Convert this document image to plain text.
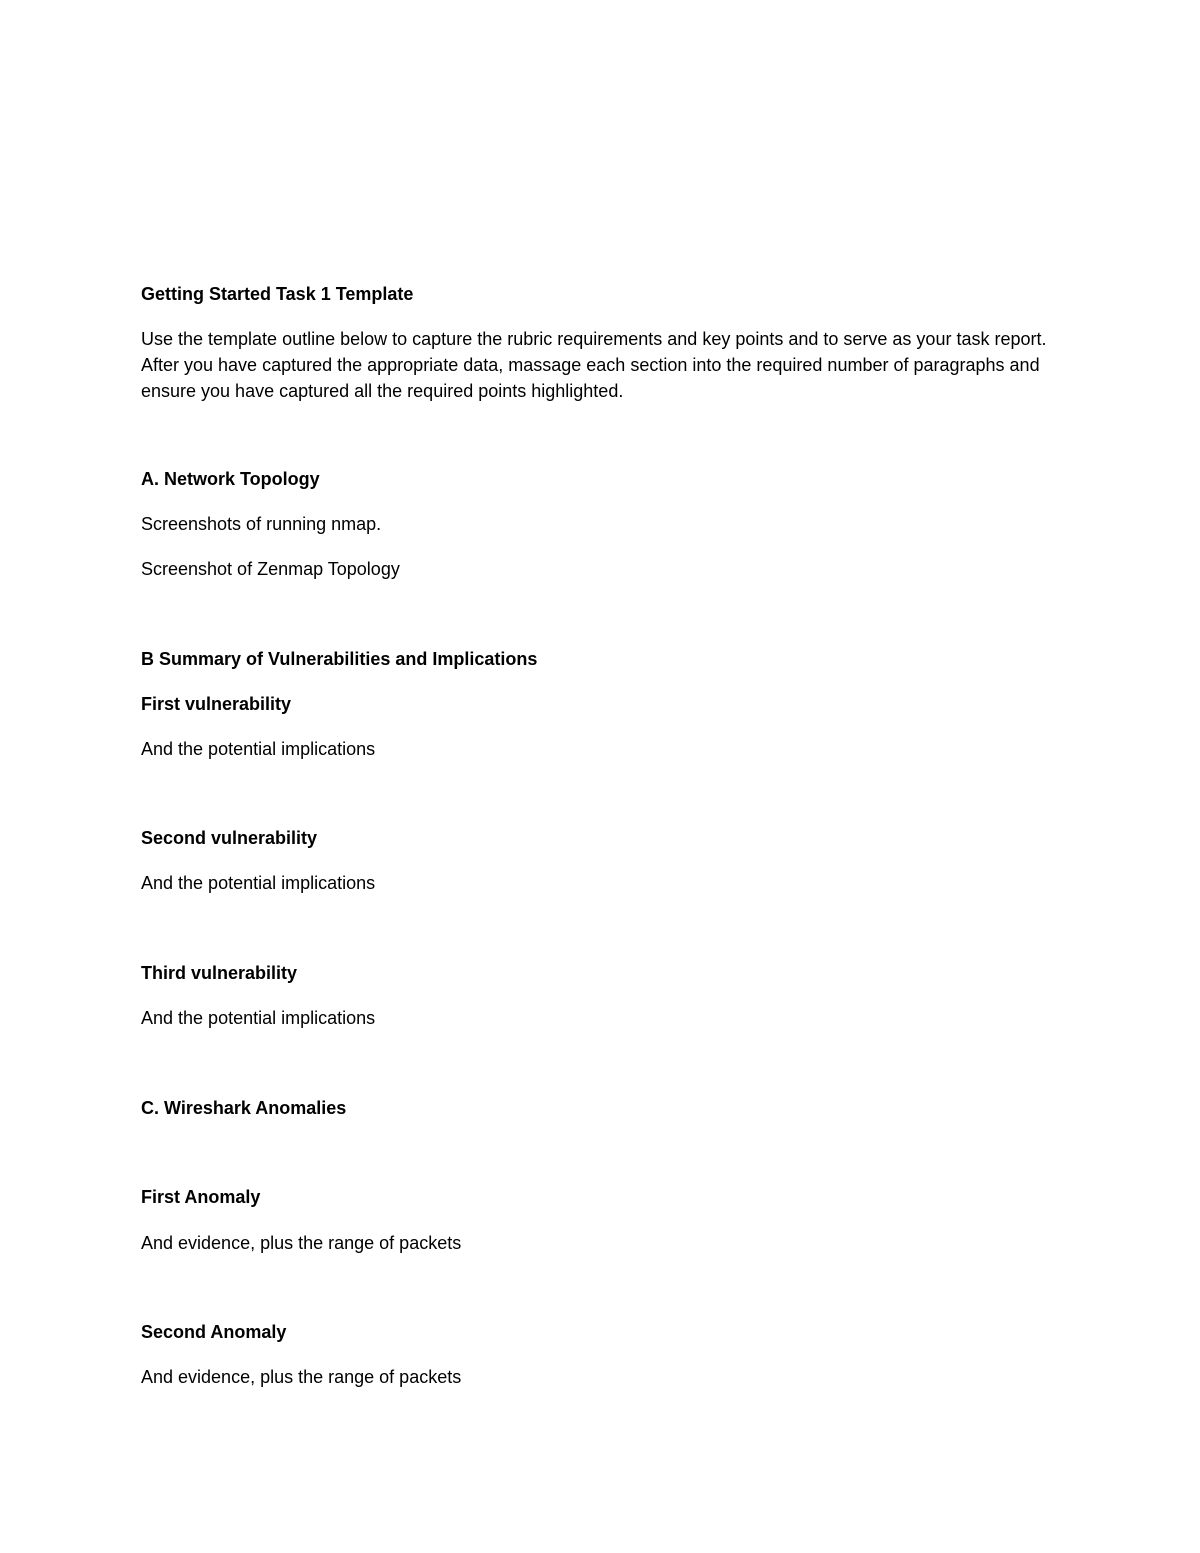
Getting Started Task 1 Template

Use the template outline below to capture the rubric requirements and key points and to serve as your task report. After you have captured the appropriate data, massage each section into the required number of paragraphs and ensure you have captured all the required points highlighted.

A. Network Topology

Screenshots of running nmap.

Screenshot of Zenmap Topology

B Summary of Vulnerabilities and Implications

First vulnerability

And the potential implications

Second vulnerability

And the potential implications

Third vulnerability

And the potential implications

C. Wireshark Anomalies

First Anomaly

And evidence, plus the range of packets

Second Anomaly

And evidence, plus the range of packets
